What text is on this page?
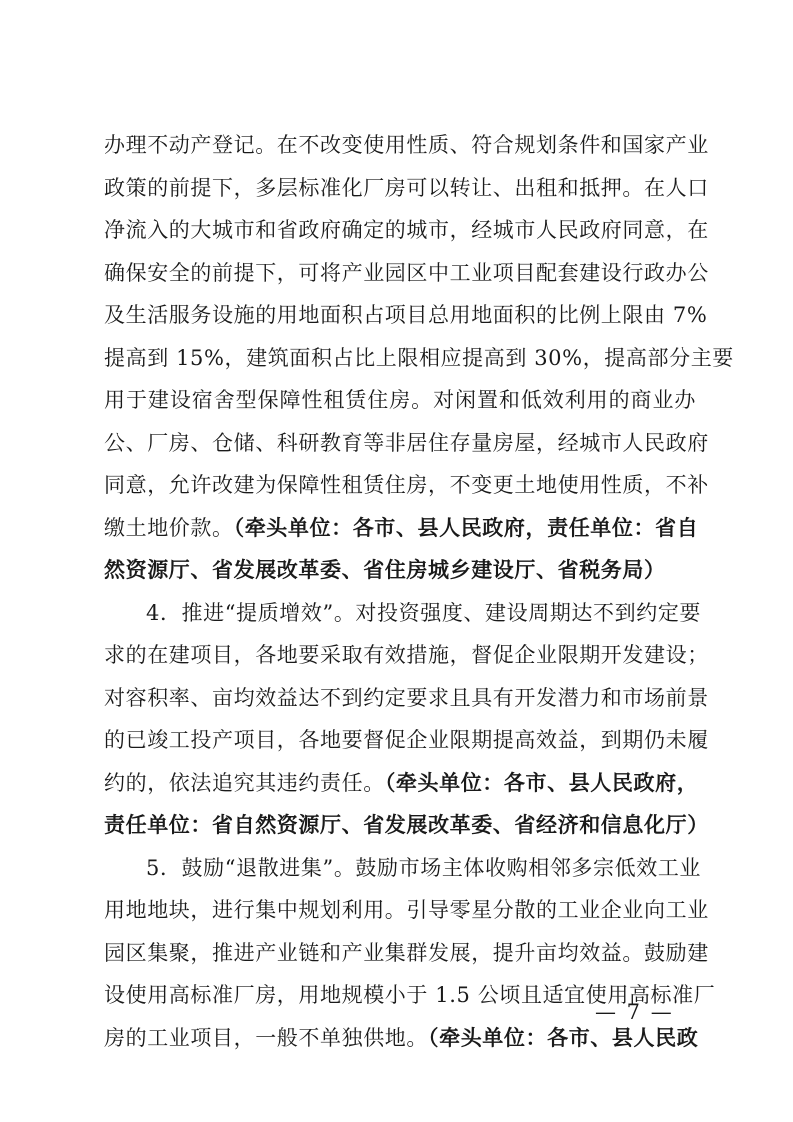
办理不动产登记。在不改变使用性质、符合规划条件和国家产业
政策的前提下，多层标准化厂房可以转让、出租和抵押。在人口
净流入的大城市和省政府确定的城市，经城市人民政府同意，在
确保安全的前提下，可将产业园区中工业项目配套建设行政办公
及生活服务设施的用地面积占项目总用地面积的比例上限由 7%
提高到 15%，建筑面积占比上限相应提高到 30%，提高部分主要
用于建设宿舍型保障性租赁住房。对闲置和低效利用的商业办
公、厂房、仓储、科研教育等非居住存量房屋，经城市人民政府
同意，允许改建为保障性租赁住房，不变更土地使用性质，不补
缴土地价款。（牵头单位：各市、县人民政府，责任单位：省自
然资源厅、省发展改革委、省住房城乡建设厅、省税务局）
4．推进“提质增效”。对投资强度、建设周期达不到约定要
求的在建项目，各地要采取有效措施，督促企业限期开发建设；
对容积率、亩均效益达不到约定要求且具有开发潜力和市场前景
的已竣工投产项目，各地要督促企业限期提高效益，到期仍未履
约的，依法追究其违约责任。（牵头单位：各市、县人民政府，
责任单位：省自然资源厅、省发展改革委、省经济和信息化厅）
5．鼓励“退散进集”。鼓励市场主体收购相邻多宗低效工业
用地地块，进行集中规划利用。引导零星分散的工业企业向工业
园区集聚，推进产业链和产业集群发展，提升亩均效益。鼓励建
设使用高标准厂房，用地规模小于 1.5 公顷且适宜使用高标准厂
房的工业项目，一般不单独供地。（牵头单位：各市、县人民政
— 7 —
